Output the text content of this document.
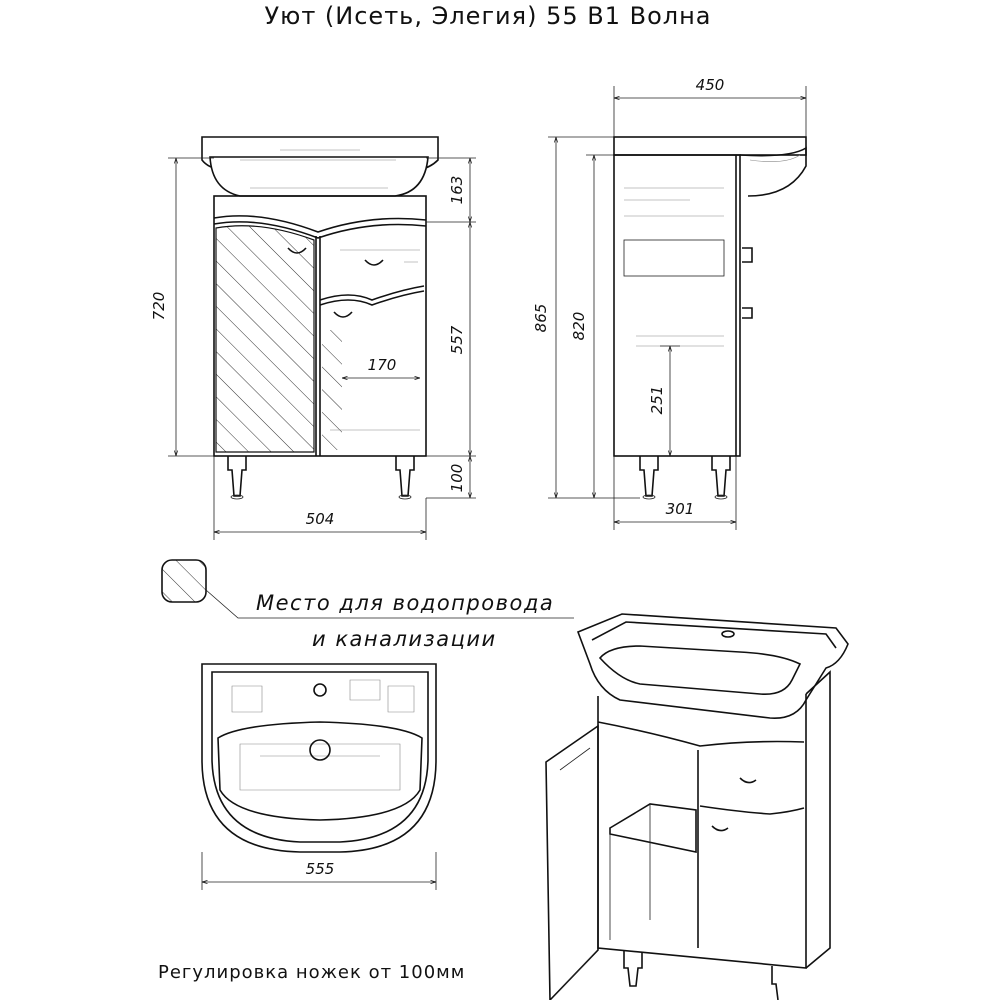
Уют (Исеть, Элегия) 55 В1 Волна
720
163
557
100
170
504
450
865 820
251
301
Место для водопровода
и канализации
555
Регулировка ножек от 100мм
